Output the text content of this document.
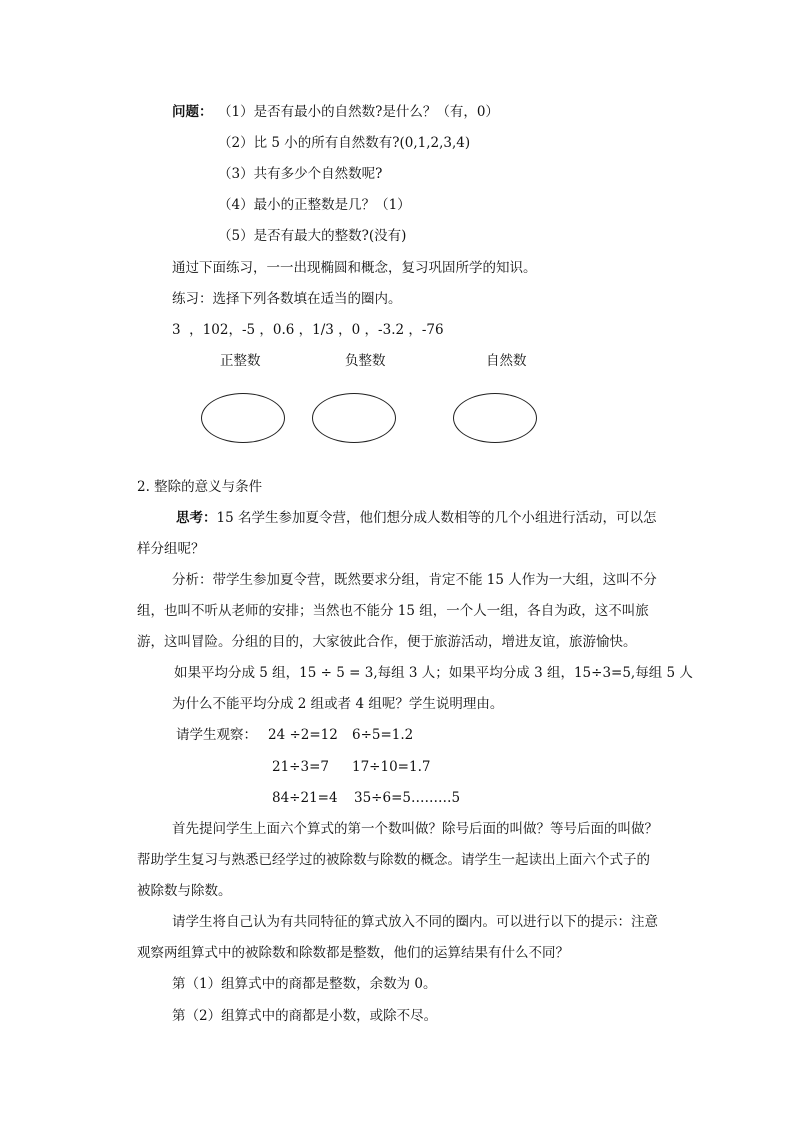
问题： （1）是否有最小的自然数?是什么？（有，0）
（2）比 5 小的所有自然数有?(0,1,2,3,4)
（3）共有多少个自然数呢?
（4）最小的正整数是几？（1）
（5）是否有最大的整数?(没有)
通过下面练习，一一出现椭圆和概念，复习巩固所学的知识。
练习：选择下列各数填在适当的圈内。
3  ，102，-5 ，0.6 ，1/3 ，0 ，-3.2 ，-76
正整数	负整数	自然数
2. 整除的意义与条件
思考：15 名学生参加夏令营，他们想分成人数相等的几个小组进行活动，可以怎
样分组呢？
分析：带学生参加夏令营，既然要求分组，肯定不能 15 人作为一大组，这叫不分
组，也叫不听从老师的安排；当然也不能分 15 组，一个人一组，各自为政，这不叫旅
游，这叫冒险。分组的目的，大家彼此合作，便于旅游活动，增进友谊，旅游愉快。
如果平均分成 5 组，15 ÷ 5 = 3,每组 3 人；如果平均分成 3 组，15÷3=5,每组 5 人
为什么不能平均分成 2 组或者 4 组呢？学生说明理由。
请学生观察： 24 ÷2=12 6÷5=1.2
21÷3=7 17÷10=1.7
84÷21=4 35÷6=5………5
首先提问学生上面六个算式的第一个数叫做？除号后面的叫做？等号后面的叫做？
帮助学生复习与熟悉已经学过的被除数与除数的概念。请学生一起读出上面六个式子的
被除数与除数。
请学生将自己认为有共同特征的算式放入不同的圈内。可以进行以下的提示：注意
观察两组算式中的被除数和除数都是整数，他们的运算结果有什么不同？
第（1）组算式中的商都是整数，余数为 0。
第（2）组算式中的商都是小数，或除不尽。
